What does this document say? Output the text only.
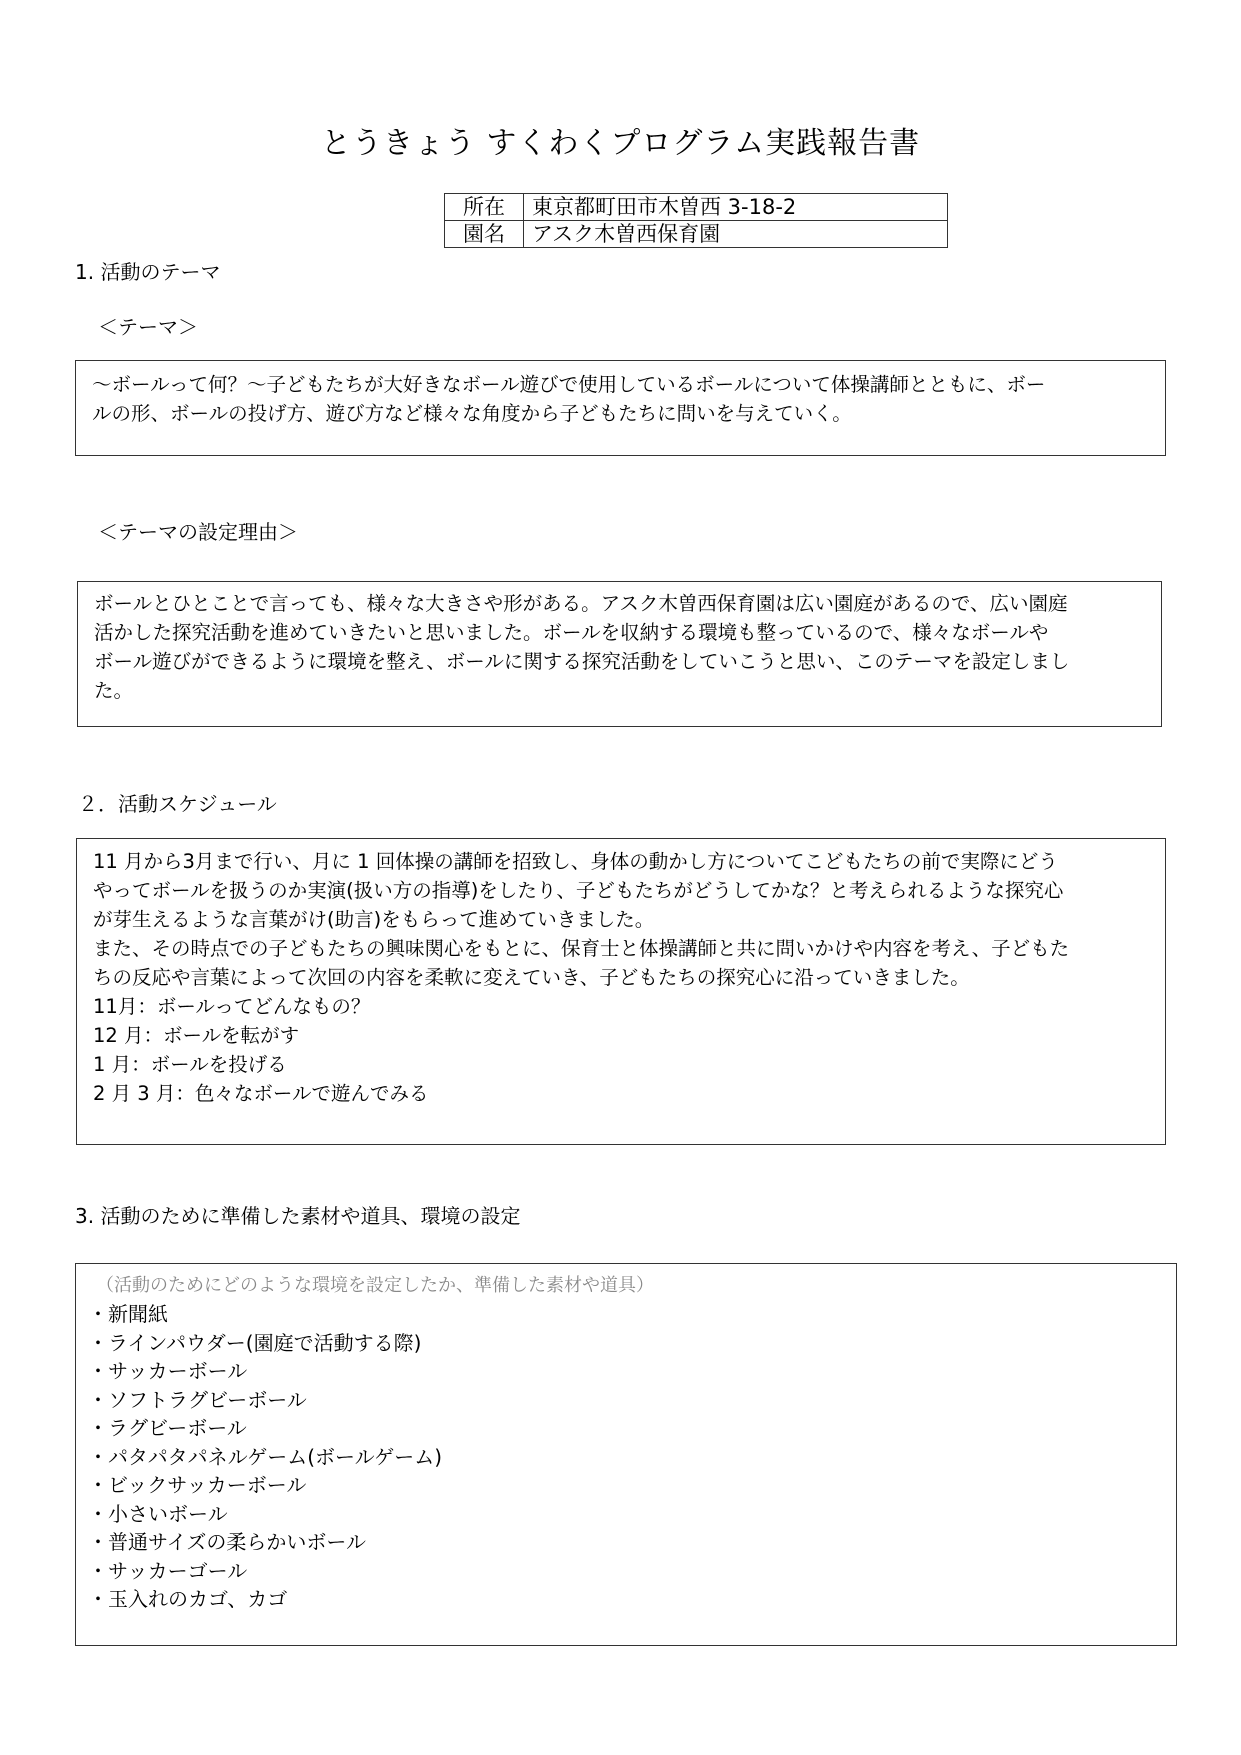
とうきょう すくわくプログラム実践報告書
所在	東京都町田市木曽西 3-18-2
園名	アスク木曽西保育園
1. 活動のテーマ
＜テーマ＞

～ボールって何？～子どもたちが大好きなボール遊びで使用しているボールについて体操講師とともに、ボー

ルの形、ボールの投げ方、遊び方など様々な角度から子どもたちに問いを与えていく。

＜テーマの設定理由＞

ボールとひとことで言っても、様々な大きさや形がある。アスク木曽西保育園は広い園庭があるので、広い園庭

活かした探究活動を進めていきたいと思いました。ボールを収納する環境も整っているので、様々なボールや

ボール遊びができるように環境を整え、ボールに関する探究活動をしていこうと思い、このテーマを設定しまし

た。

２．活動スケジュール

11 月から3月まで行い、月に 1 回体操の講師を招致し、身体の動かし方についてこどもたちの前で実際にどう

やってボールを扱うのか実演(扱い方の指導)をしたり、子どもたちがどうしてかな？と考えられるような探究心

が芽生えるような言葉がけ(助言)をもらって進めていきました。

また、その時点での子どもたちの興味関心をもとに、保育士と体操講師と共に問いかけや内容を考え、子どもた

ちの反応や言葉によって次回の内容を柔軟に変えていき、子どもたちの探究心に沿っていきました。

11月：ボールってどんなもの？

12 月：ボールを転がす

1 月：ボールを投げる

2 月 3 月：色々なボールで遊んでみる

3. 活動のために準備した素材や道具、環境の設定

（活動のためにどのような環境を設定したか、準備した素材や道具）

・新聞紙
・ラインパウダー(園庭で活動する際)
・サッカーボール
・ソフトラグビーボール
・ラグビーボール
・パタパタパネルゲーム(ボールゲーム)
・ビックサッカーボール
・小さいボール
・普通サイズの柔らかいボール
・サッカーゴール
・玉入れのカゴ、カゴ
